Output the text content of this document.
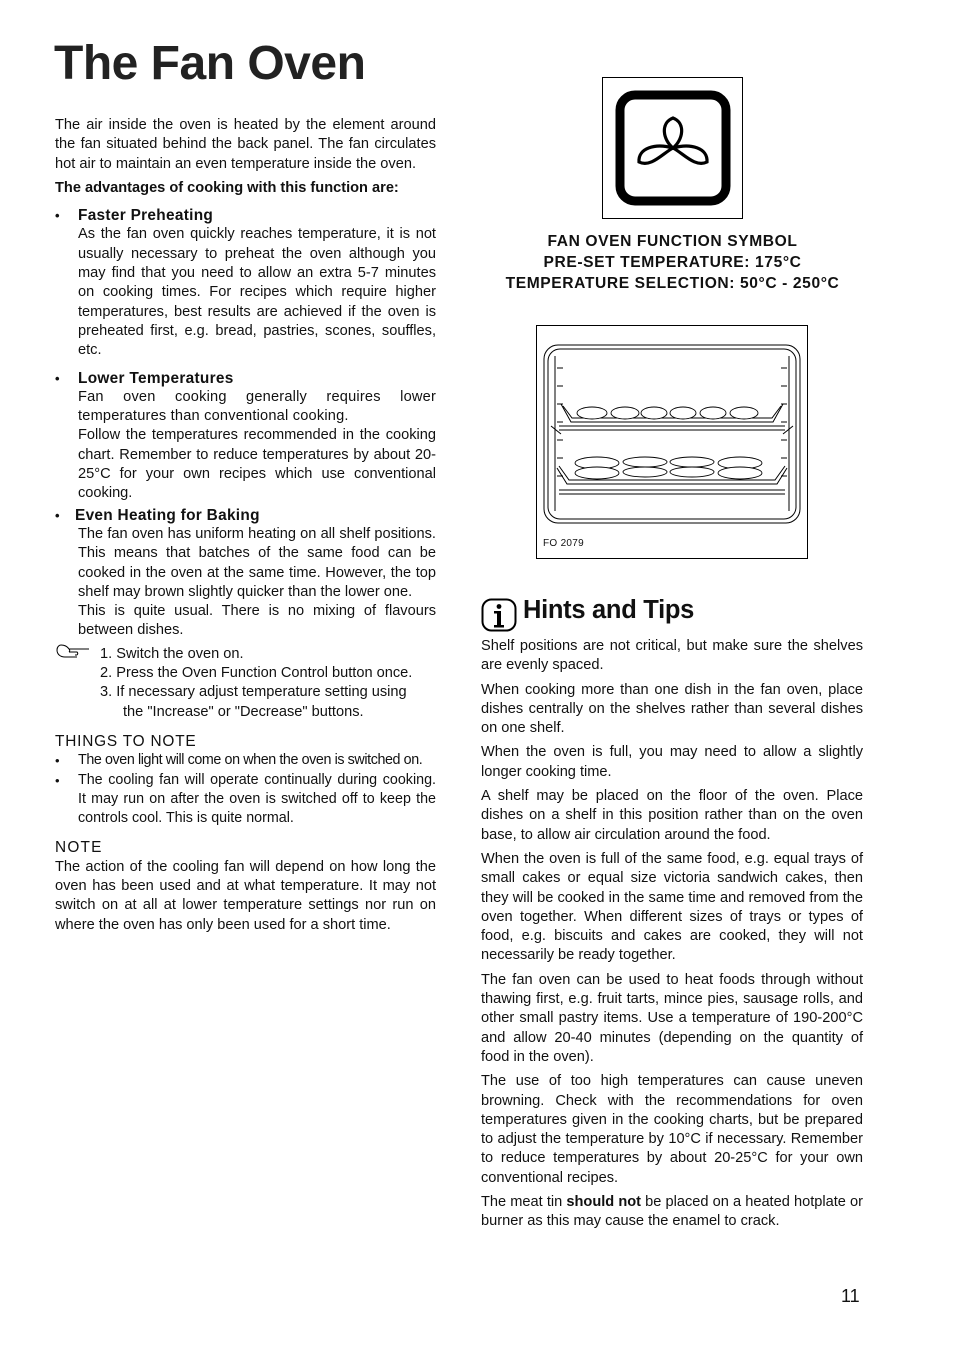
The Fan Oven

The air inside the oven is heated by the element around the fan situated behind the back panel. The fan circulates hot air to maintain an even temperature inside the oven.

The advantages of cooking with this function are:

• Faster Preheating

As the fan oven quickly reaches temperature, it is not usually necessary to preheat the oven although you may find that you need to allow an extra 5-7 minutes on cooking times. For recipes which require higher temperatures, best results are achieved if the oven is preheated first, e.g. bread, pastries, scones, souffles, etc.

• Lower Temperatures

Fan oven cooking generally requires lower temperatures than conventional cooking.

Follow the temperatures recommended in the cooking chart. Remember to reduce temperatures by about 20-25°C for your own recipes which use conventional cooking.

• Even Heating for Baking

The fan oven has uniform heating on all shelf positions. This means that batches of the same food can be cooked in the oven at the same time. However, the top shelf may brown slightly quicker than the lower one.

This is quite usual. There is no mixing of flavours between dishes.

1. Switch the oven on.

2. Press the Oven Function Control button once.

3. If necessary adjust temperature setting using

the "Increase" or "Decrease" buttons.

THINGS TO NOTE

• The oven light will come on when the oven is switched on.

• The cooling fan will operate continually during cooking. It may run on after the oven is switched off to keep the controls cool. This is quite normal.

NOTE

The action of the cooling fan will depend on how long the oven has been used and at what temperature. It may not switch on at all at lower temperature settings nor run on where the oven has only been used for a short time.

FAN OVEN FUNCTION SYMBOL

PRE-SET TEMPERATURE: 175°C

TEMPERATURE SELECTION: 50°C - 250°C

FO 2079
Hints and Tips

Shelf positions are not critical, but make sure the shelves are evenly spaced.

When cooking more than one dish in the fan oven, place dishes centrally on the shelves rather than several dishes on one shelf.

When the oven is full, you may need to allow a slightly longer cooking time.

A shelf may be placed on the floor of the oven. Place dishes on a shelf in this position rather than on the oven base, to allow air circulation around the food.

When the oven is full of the same food, e.g. equal trays of small cakes or equal size victoria sandwich cakes, then they will be cooked in the same time and removed from the oven together. When different sizes of trays or types of food, e.g. biscuits and cakes are cooked, they will not necessarily be ready together.

The fan oven can be used to heat foods through without thawing first, e.g. fruit tarts, mince pies, sausage rolls, and other small pastry items. Use a temperature of 190-200°C and allow 20-40 minutes (depending on the quantity of food in the oven).

The use of too high temperatures can cause uneven browning. Check with the recommendations for oven temperatures given in the cooking charts, but be prepared to adjust the temperature by 10°C if necessary. Remember to reduce temperatures by about 20-25°C for your own conventional recipes.

The meat tin should not be placed on a heated hotplate or burner as this may cause the enamel to crack.

11
